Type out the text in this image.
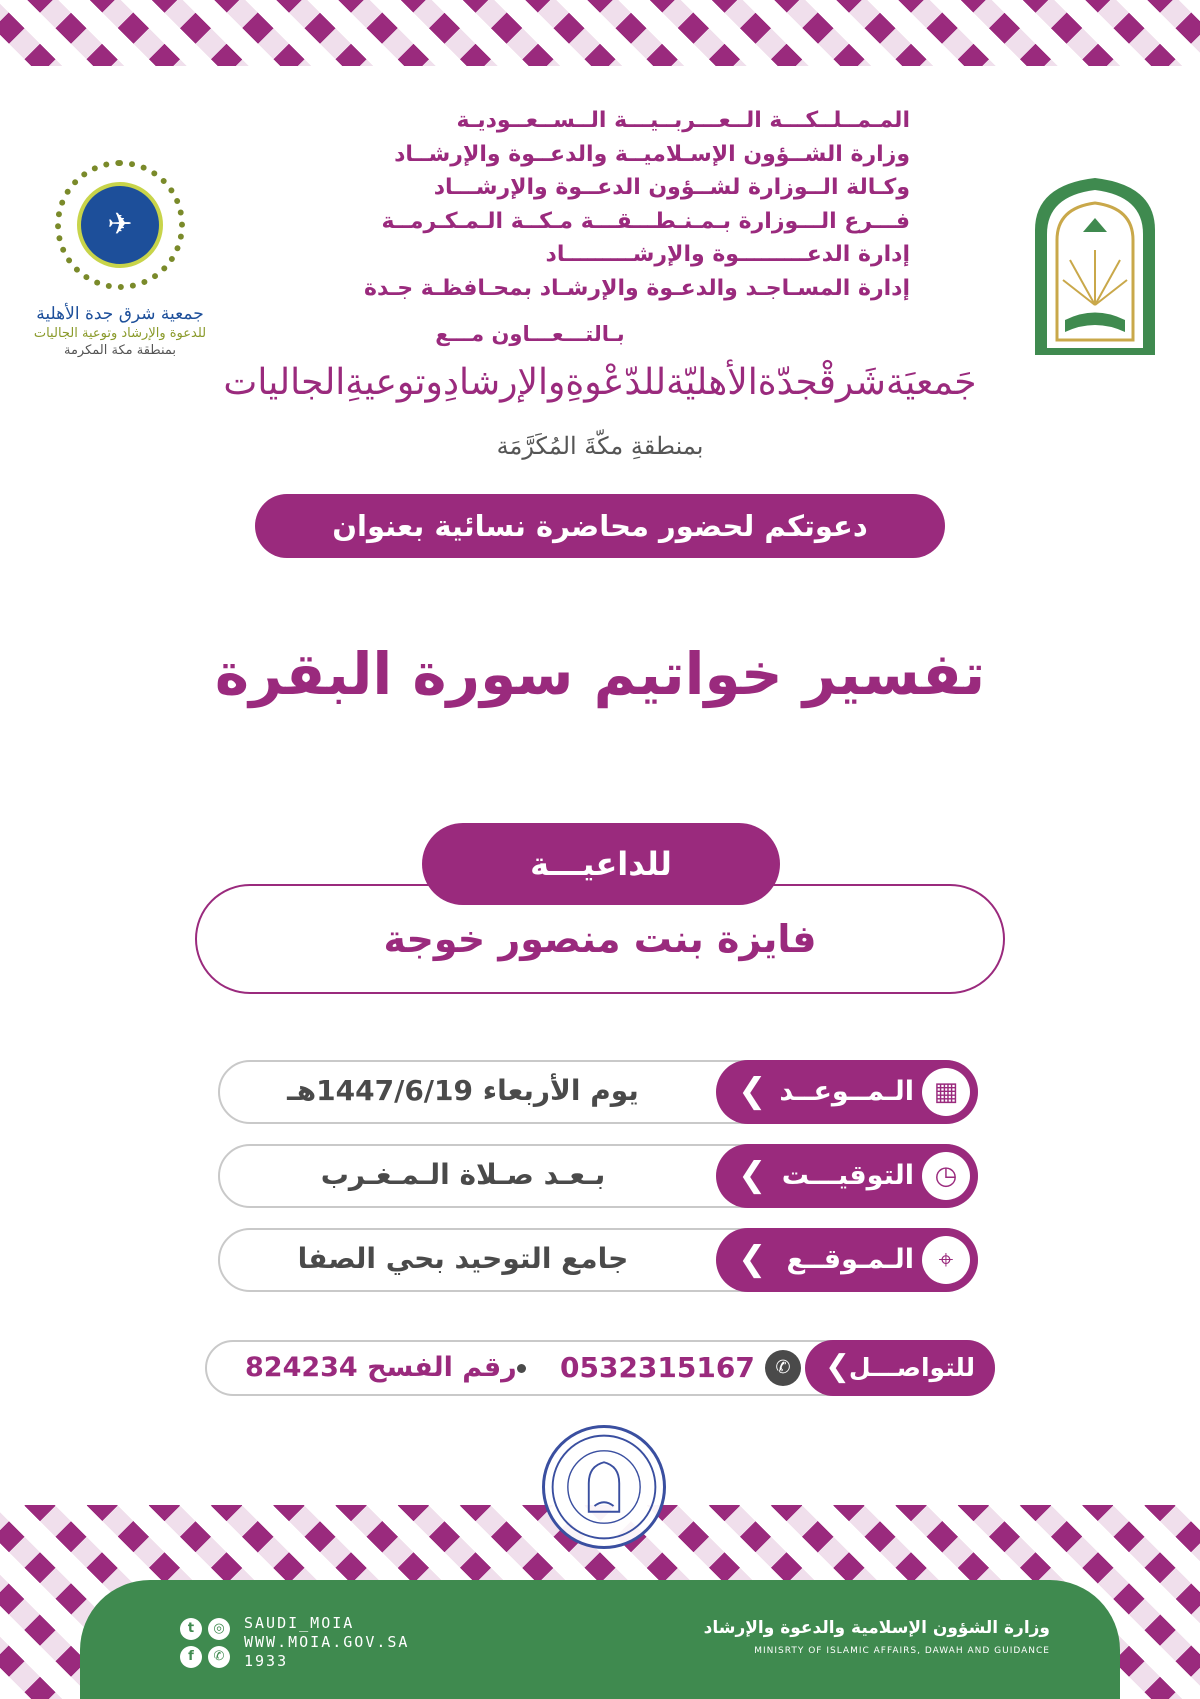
✈
جمعية شرق جدة الأهلية
للدعوة والإرشاد وتوعية الجاليات
بمنطقة مكة المكرمة
المـمــلــكـــة الــعـــربــيـــة الــســعــوديـة
وزارة الشــؤون الإسـلاميــة والدعــوة والإرشــاد
وكـالة الــوزارة لشــؤون الدعــوة والإرشـــاد
فـــرع الـــوزارة بـمـنـطـــقـــة مـكــة الـمـكـرمــة
إدارة الدعـــــــــوة والإرشـــــــــاد
إدارة المسـاجـد والدعـوة والإرشـاد بمحـافظـة جـدة
بـالتـــعـــاون مـــع
جَمعيَةشَرقْجدّةالأهليّةللدّعْوةِوالإرشادِوتوعيةِالجاليات
بمنطقةِ مكّةَ المُكَرَّمَة
دعوتكم لحضور محاضرة نسائية بعنوان
تفسير خواتيم سورة البقرة
للداعيـــة
فايزة بنت منصور خوجة
يوم الأربعاء 1447/6/19هـ	❮ الـمــوعــد ▦
بـعـد صـلاة الـمـغـرب	❮ التوقيـــت ◷
جامع التوحيد بحي الصفا	❮ الـمـوقــع ⌖
❮
للتواصـــل
✆
0532315167
رقم الفسح 824234
t	◎
f	✆
SAUDI_MOIA
WWW.MOIA.GOV.SA
1933
وزارة الشؤون الإسلامية والدعوة والإرشاد
MINISRTY OF ISLAMIC AFFAIRS, DAWAH AND GUIDANCE
